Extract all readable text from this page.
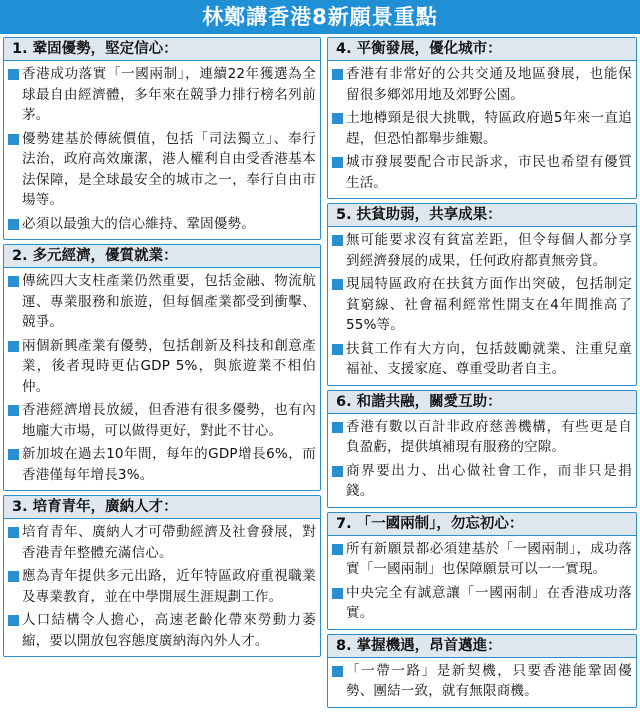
林鄭講香港8新願景重點
1. 鞏固優勢，堅定信心：
香港成功落實「一國兩制」，連續22年獲選為全球最自由經濟體，多年來在競爭力排行榜名列前茅。
優勢建基於傳統價值，包括「司法獨立」、奉行法治，政府高效廉潔，港人權利自由受香港基本法保障，是全球最安全的城市之一，奉行自由市場等。
必須以最強大的信心維持、鞏固優勢。
2. 多元經濟，優質就業：
傳統四大支柱產業仍然重要，包括金融、物流航運、專業服務和旅遊，但每個產業都受到衝擊、競爭。
兩個新興產業有優勢，包括創新及科技和創意產業，後者現時更佔GDP 5%，與旅遊業不相伯仲。
香港經濟增長放緩，但香港有很多優勢，也有內地龐大市場，可以做得更好，對此不甘心。
新加坡在過去10年間，每年的GDP增長6%，而香港僅每年增長3%。
3. 培育青年，廣納人才：
培育青年、廣納人才可帶動經濟及社會發展，對香港青年整體充滿信心。
應為青年提供多元出路，近年特區政府重視職業及專業教育，並在中學開展生涯規劃工作。
人口結構令人擔心，高速老齡化帶來勞動力萎縮，要以開放包容態度廣納海內外人才。
4. 平衡發展，優化城市：
香港有非常好的公共交通及地區發展，也能保留很多鄉郊用地及郊野公園。
土地樽頸是很大挑戰，特區政府過5年來一直追趕，但恐怕都舉步維艱。
城市發展要配合市民訴求，市民也希望有優質生活。
5. 扶貧助弱，共享成果：
無可能要求沒有貧富差距，但令每個人都分享到經濟發展的成果，任何政府都責無旁貸。
現屆特區政府在扶貧方面作出突破，包括制定貧窮線、社會福利經常性開支在4年間推高了55%等。
扶貧工作有大方向，包括鼓勵就業、注重兒童福祉、支援家庭、尊重受助者自主。
6. 和諧共融，關愛互助：
香港有數以百計非政府慈善機構，有些更是自負盈虧，提供填補現有服務的空隙。
商界要出力、出心做社會工作，而非只是捐錢。
7. 「一國兩制」，勿忘初心：
所有新願景都必須建基於「一國兩制」，成功落實「一國兩制」也保障願景可以一一實現。
中央完全有誠意讓「一國兩制」在香港成功落實。
8. 掌握機遇，昂首邁進：
「一帶一路」是新契機，只要香港能鞏固優勢、團結一致，就有無限商機。
